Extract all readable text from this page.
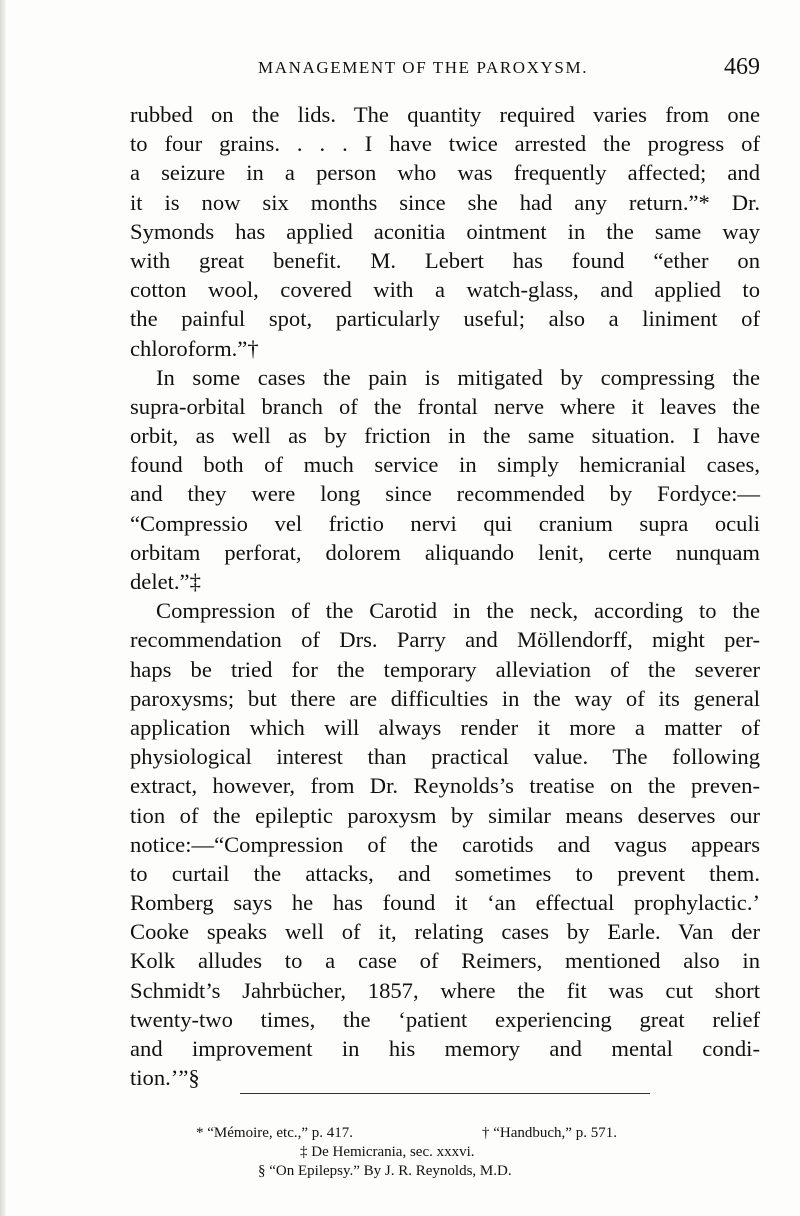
MANAGEMENT OF THE PAROXYSM.	469
rubbed on the lids. The quantity required varies from one
to four grains. . . . I have twice arrested the progress of
a seizure in a person who was frequently affected; and
it is now six months since she had any return.”* Dr.
Symonds has applied aconitia ointment in the same way
with great benefit. M. Lebert has found “ether on
cotton wool, covered with a watch-glass, and applied to
the painful spot, particularly useful; also a liniment of
chloroform.”†
In some cases the pain is mitigated by compressing the
supra-orbital branch of the frontal nerve where it leaves the
orbit, as well as by friction in the same situation. I have
found both of much service in simply hemicranial cases,
and they were long since recommended by Fordyce:—
“Compressio vel frictio nervi qui cranium supra oculi
orbitam perforat, dolorem aliquando lenit, certe nunquam
delet.”‡
Compression of the Carotid in the neck, according to the
recommendation of Drs. Parry and Möllendorff, might per-
haps be tried for the temporary alleviation of the severer
paroxysms; but there are difficulties in the way of its general
application which will always render it more a matter of
physiological interest than practical value. The following
extract, however, from Dr. Reynolds’s treatise on the preven-
tion of the epileptic paroxysm by similar means deserves our
notice:—“Compression of the carotids and vagus appears
to curtail the attacks, and sometimes to prevent them.
Romberg says he has found it ‘an effectual prophylactic.’
Cooke speaks well of it, relating cases by Earle. Van der
Kolk alludes to a case of Reimers, mentioned also in
Schmidt’s Jahrbücher, 1857, where the fit was cut short
twenty-two times, the ‘patient experiencing great relief
and improvement in his memory and mental condi-
tion.’”§
* “Mémoire, etc.,” p. 417.	† “Handbuch,” p. 571.
‡ De Hemicrania, sec. xxxvi.
§ “On Epilepsy.” By J. R. Reynolds, M.D.
